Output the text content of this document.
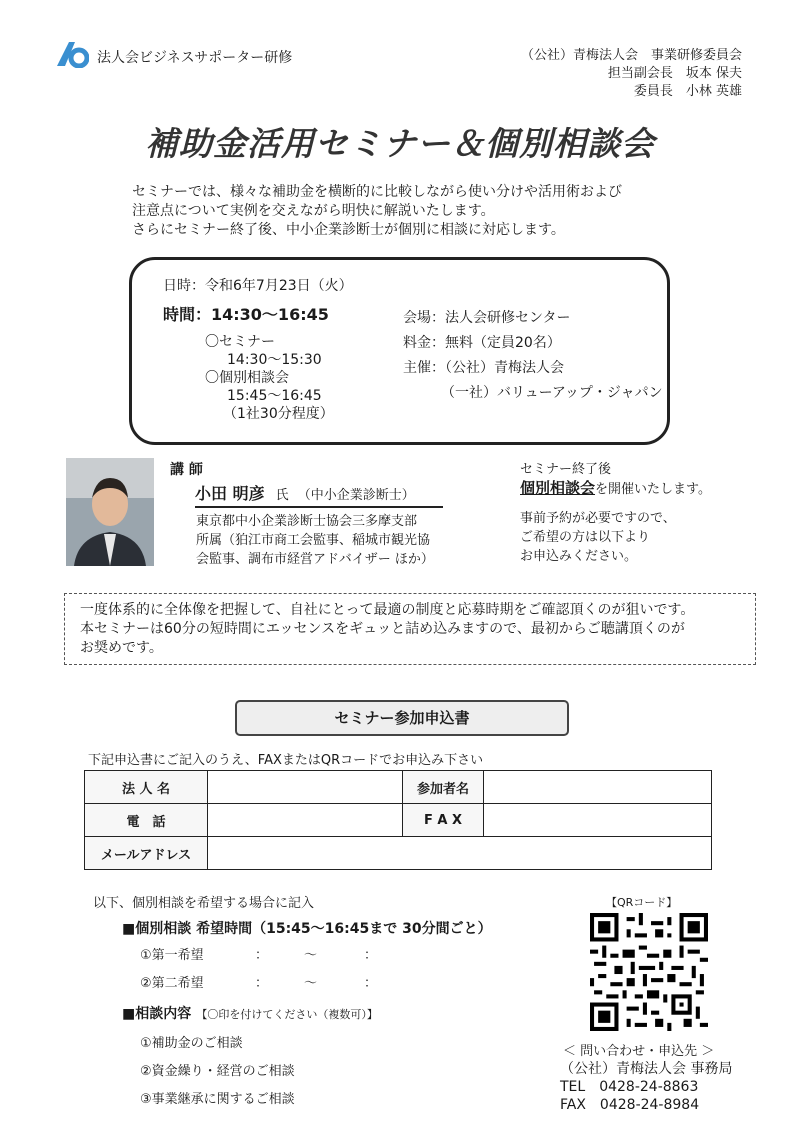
法人会ビジネスサポーター研修	（公社）青梅法人会　事業研修委員会
担当副会長　坂本 保夫
委員長　小林 英雄
補助金活用セミナー＆個別相談会
セミナーでは、様々な補助金を横断的に比較しながら使い分けや活用術および
注意点について実例を交えながら明快に解説いたします。
さらにセミナー終了後、中小企業診断士が個別に相談に対応します。
日時：令和6年7月23日（火）
時間：14:30～16:45
〇セミナー
14:30～15:30
〇個別相談会
15:45～16:45
（1社30分程度）
会場：法人会研修センター
料金：無料（定員20名）
主催：（公社）青梅法人会
（一社）バリューアップ・ジャパン
講 師
小田 明彦 氏 （中小企業診断士）
東京都中小企業診断士協会三多摩支部
所属（狛江市商工会監事、稲城市観光協
会監事、調布市経営アドバイザー ほか）
セミナー終了後
個別相談会を開催いたします。
事前予約が必要ですので、
ご希望の方は以下より
お申込みください。
一度体系的に全体像を把握して、自社にとって最適の制度と応募時期をご確認頂くのが狙いです。
本セミナーは60分の短時間にエッセンスをギュッと詰め込みますので、最初からご聴講頂くのが
お奨めです。
セミナー参加申込書
下記申込書にご記入のうえ、FAXまたはQRコードでお申込み下さい
法 人 名		参加者名	
電　話		F A X	
メールアドレス			
以下、個別相談を希望する場合に記入
■個別相談 希望時間（15:45～16:45まで 30分間ごと）
①第一希望	：	～	：
②第二希望	：	～	：
■相談内容 【〇印を付けてください（複数可）】
①補助金のご相談
②資金繰り・経営のご相談
③事業継承に関するご相談
【QRコード】
＜ 問い合わせ・申込先 ＞
（公社）青梅法人会 事務局
TEL　0428-24-8863
FAX　0428-24-8984
